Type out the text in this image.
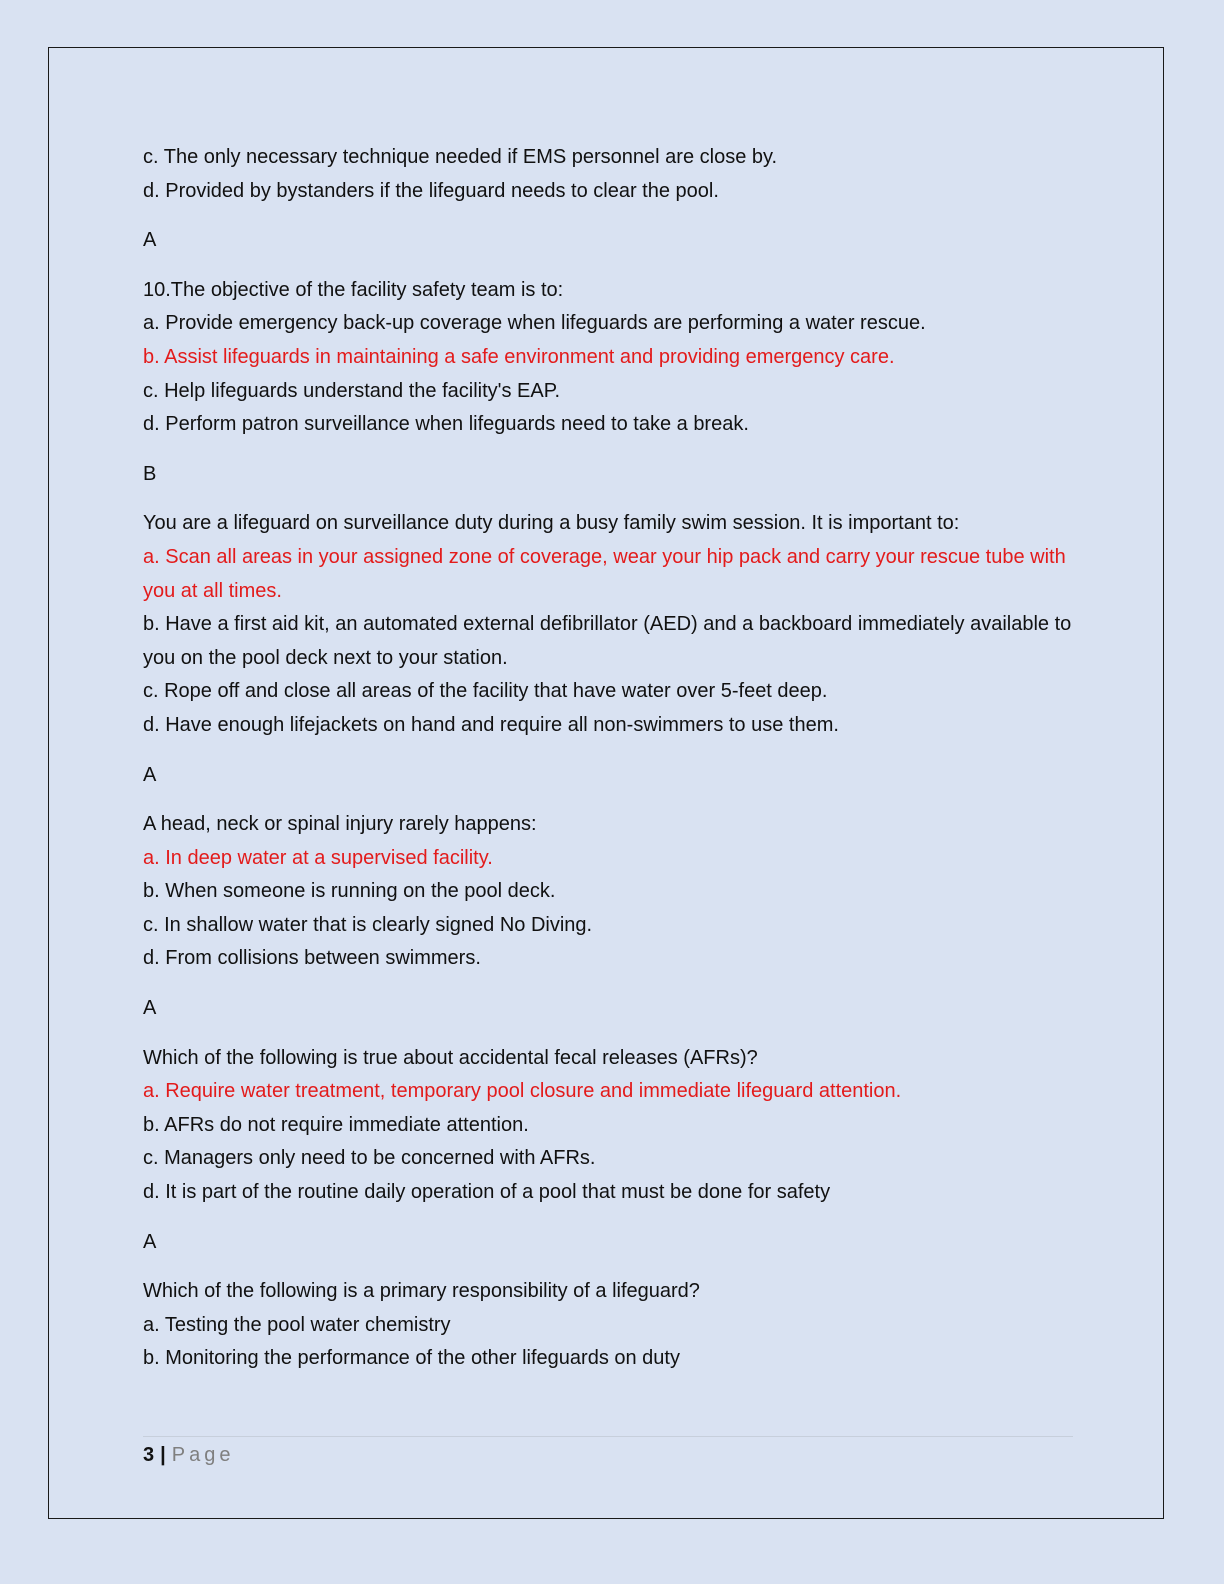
c. The only necessary technique needed if EMS personnel are close by.

d. Provided by bystanders if the lifeguard needs to clear the pool.

A

10.The objective of the facility safety team is to:

a. Provide emergency back-up coverage when lifeguards are performing a water rescue.

b. Assist lifeguards in maintaining a safe environment and providing emergency care.

c. Help lifeguards understand the facility's EAP.

d. Perform patron surveillance when lifeguards need to take a break.

B

You are a lifeguard on surveillance duty during a busy family swim session. It is important to:

a. Scan all areas in your assigned zone of coverage, wear your hip pack and carry your rescue tube with you at all times.

b. Have a first aid kit, an automated external defibrillator (AED) and a backboard immediately available to you on the pool deck next to your station.

c. Rope off and close all areas of the facility that have water over 5-feet deep.

d. Have enough lifejackets on hand and require all non-swimmers to use them.

A

A head, neck or spinal injury rarely happens:

a. In deep water at a supervised facility.

b. When someone is running on the pool deck.

c. In shallow water that is clearly signed No Diving.

d. From collisions between swimmers.

A

Which of the following is true about accidental fecal releases (AFRs)?

a. Require water treatment, temporary pool closure and immediate lifeguard attention.

b. AFRs do not require immediate attention.

c. Managers only need to be concerned with AFRs.

d. It is part of the routine daily operation of a pool that must be done for safety

A

Which of the following is a primary responsibility of a lifeguard?

a. Testing the pool water chemistry

b. Monitoring the performance of the other lifeguards on duty

3 | Page
